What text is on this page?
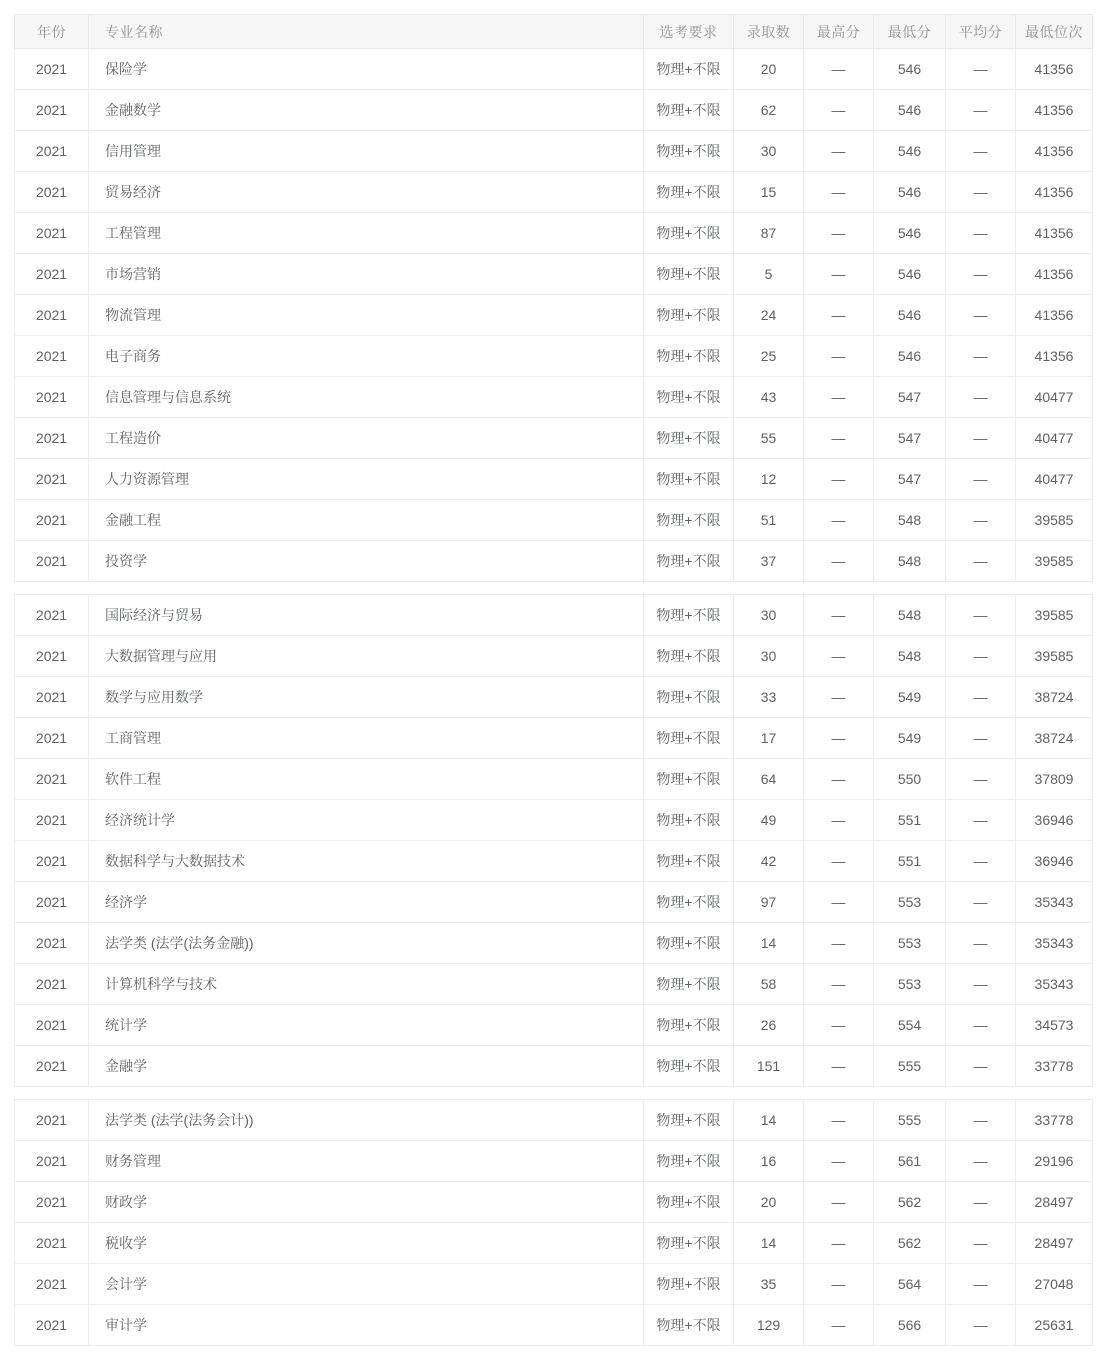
年份	专业名称	选考要求	录取数	最高分	最低分	平均分	最低位次
2021	保险学	物理+不限	20	—	546	—	41356
2021	金融数学	物理+不限	62	—	546	—	41356
2021	信用管理	物理+不限	30	—	546	—	41356
2021	贸易经济	物理+不限	15	—	546	—	41356
2021	工程管理	物理+不限	87	—	546	—	41356
2021	市场营销	物理+不限	5	—	546	—	41356
2021	物流管理	物理+不限	24	—	546	—	41356
2021	电子商务	物理+不限	25	—	546	—	41356
2021	信息管理与信息系统	物理+不限	43	—	547	—	40477
2021	工程造价	物理+不限	55	—	547	—	40477
2021	人力资源管理	物理+不限	12	—	547	—	40477
2021	金融工程	物理+不限	51	—	548	—	39585
2021	投资学	物理+不限	37	—	548	—	39585
2021	国际经济与贸易	物理+不限	30	—	548	—	39585
2021	大数据管理与应用	物理+不限	30	—	548	—	39585
2021	数学与应用数学	物理+不限	33	—	549	—	38724
2021	工商管理	物理+不限	17	—	549	—	38724
2021	软件工程	物理+不限	64	—	550	—	37809
2021	经济统计学	物理+不限	49	—	551	—	36946
2021	数据科学与大数据技术	物理+不限	42	—	551	—	36946
2021	经济学	物理+不限	97	—	553	—	35343
2021	法学类 (法学(法务金融))	物理+不限	14	—	553	—	35343
2021	计算机科学与技术	物理+不限	58	—	553	—	35343
2021	统计学	物理+不限	26	—	554	—	34573
2021	金融学	物理+不限	151	—	555	—	33778
2021	法学类 (法学(法务会计))	物理+不限	14	—	555	—	33778
2021	财务管理	物理+不限	16	—	561	—	29196
2021	财政学	物理+不限	20	—	562	—	28497
2021	税收学	物理+不限	14	—	562	—	28497
2021	会计学	物理+不限	35	—	564	—	27048
2021	审计学	物理+不限	129	—	566	—	25631
